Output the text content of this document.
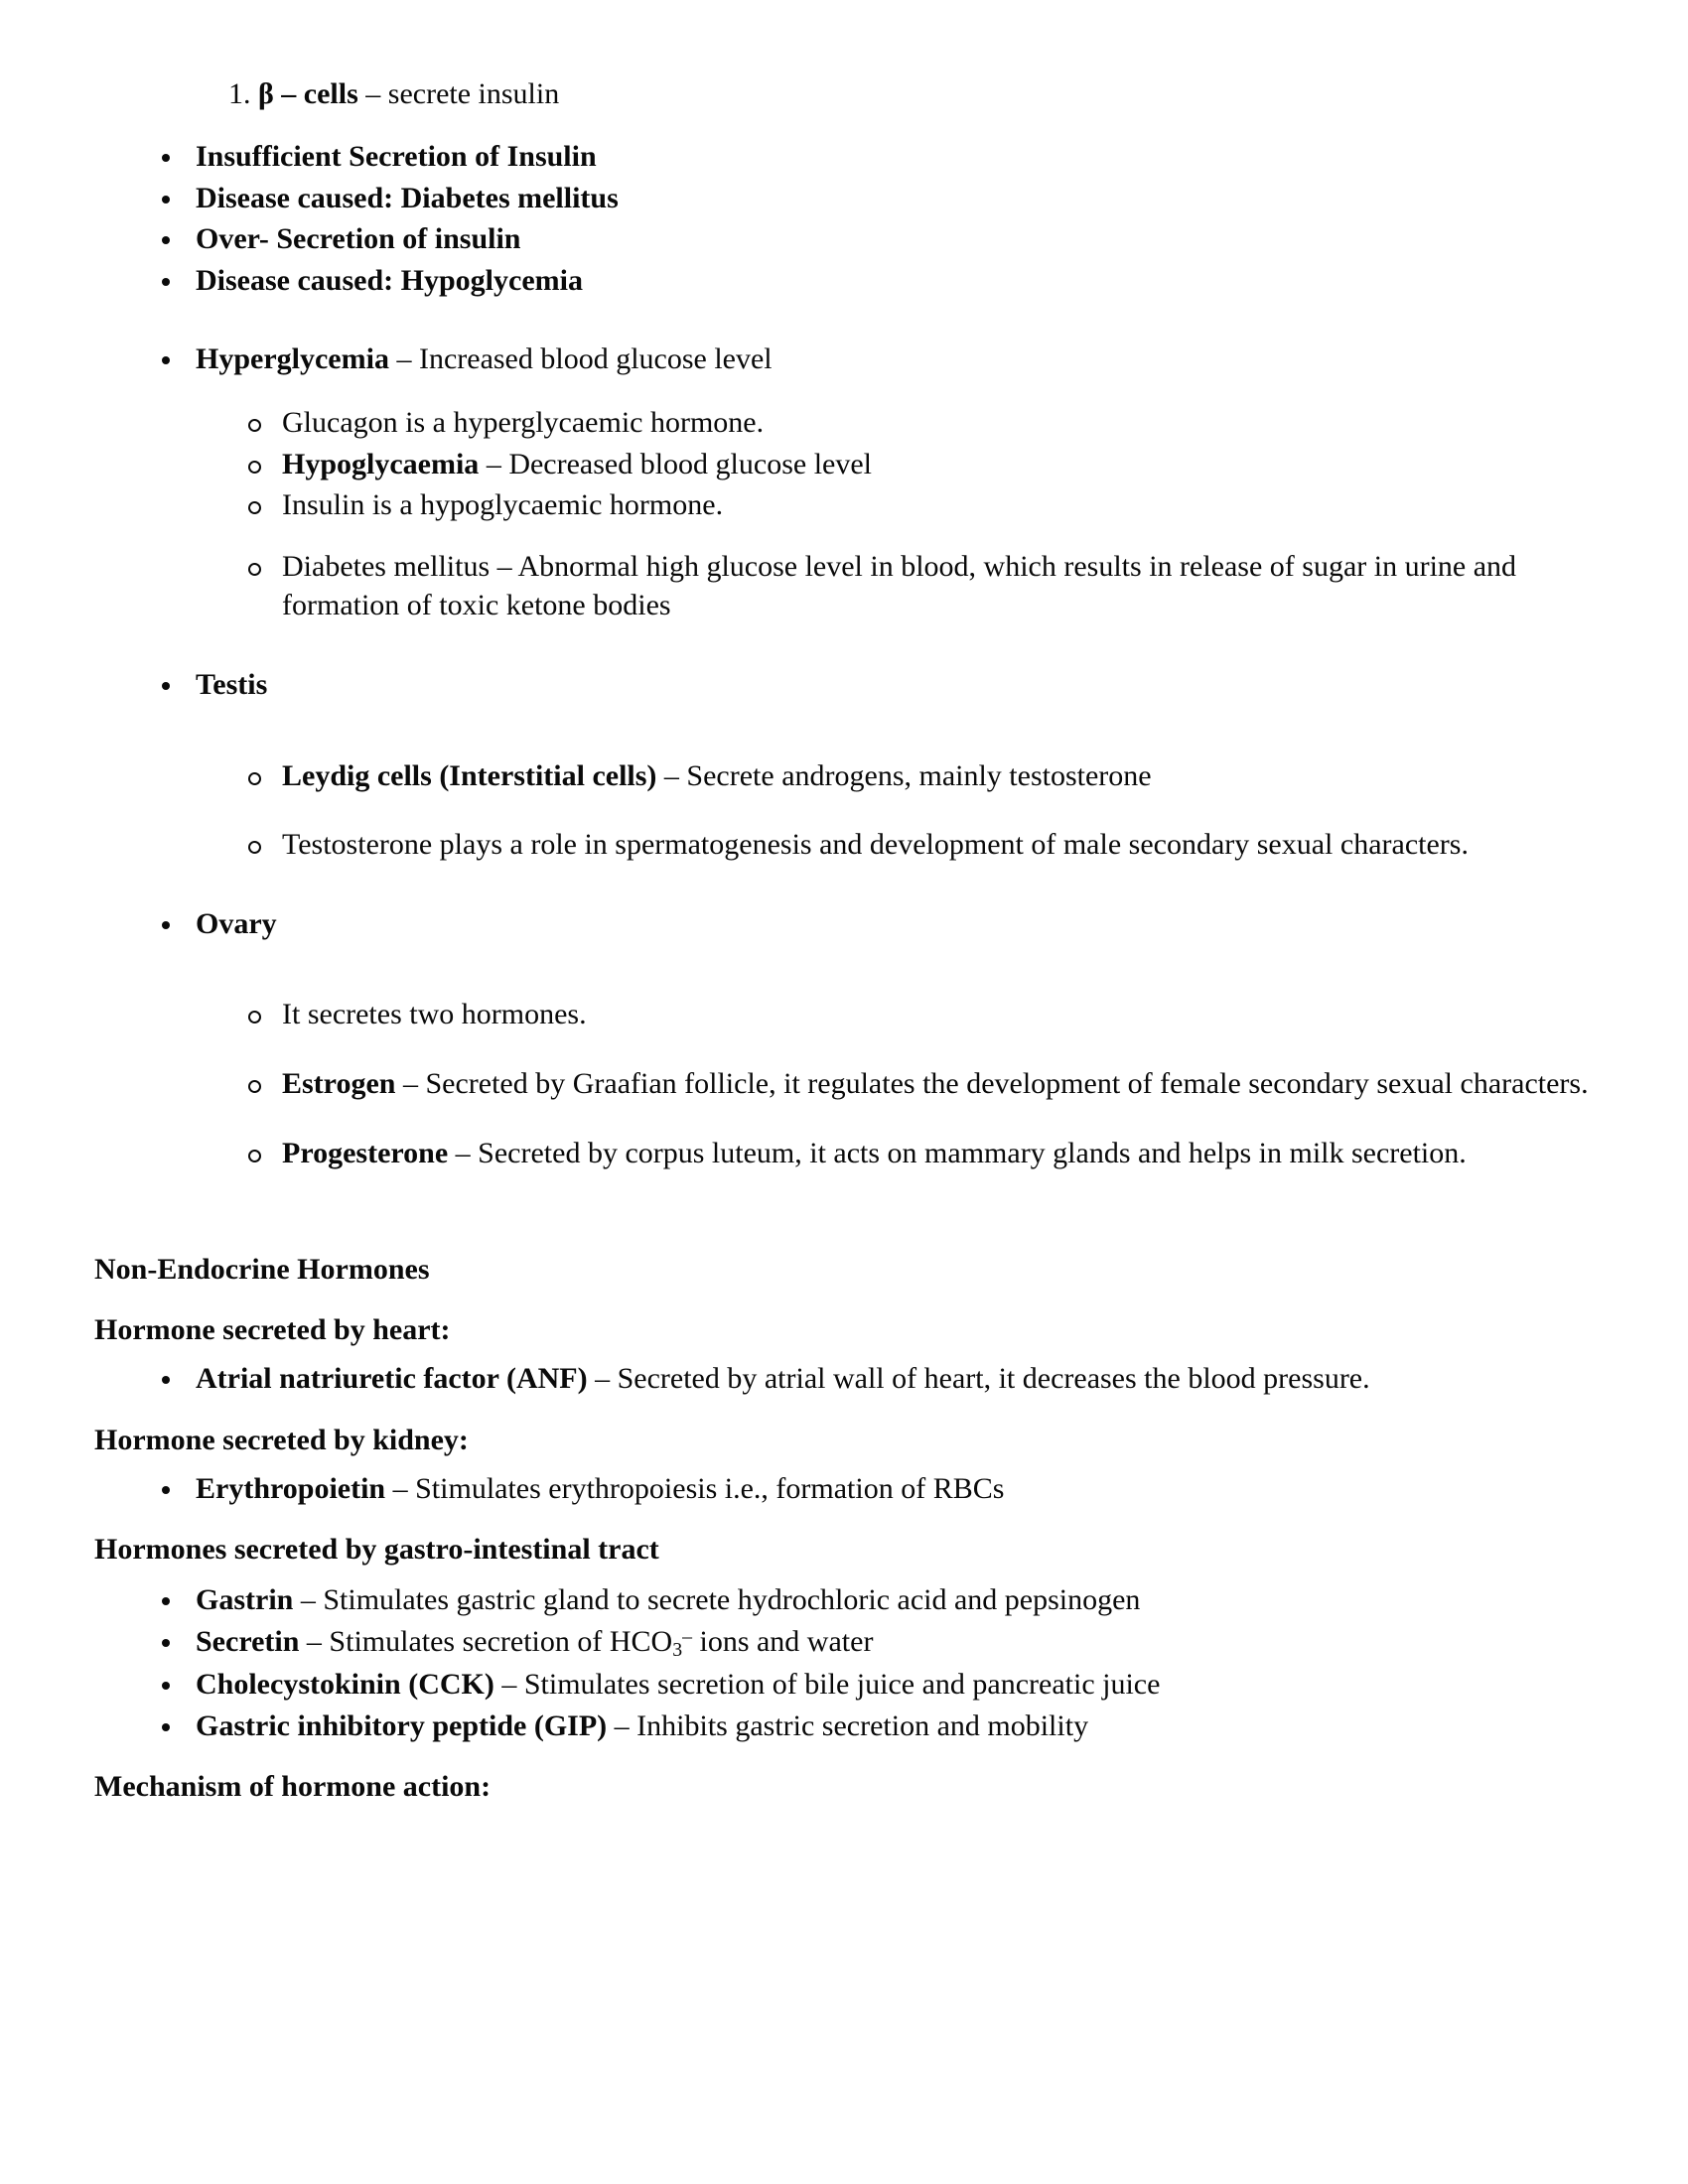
1. β – cells – secrete insulin
Insufficient Secretion of Insulin
Disease caused: Diabetes mellitus
Over- Secretion of insulin
Disease caused: Hypoglycemia
Hyperglycemia – Increased blood glucose level
Glucagon is a hyperglycaemic hormone.
Hypoglycaemia – Decreased blood glucose level
Insulin is a hypoglycaemic hormone.
Diabetes mellitus – Abnormal high glucose level in blood, which results in release of sugar in urine and formation of toxic ketone bodies
Testis
Leydig cells (Interstitial cells) – Secrete androgens, mainly testosterone
Testosterone plays a role in spermatogenesis and development of male secondary sexual characters.
Ovary
It secretes two hormones.
Estrogen – Secreted by Graafian follicle, it regulates the development of female secondary sexual characters.
Progesterone – Secreted by corpus luteum, it acts on mammary glands and helps in milk secretion.
Non-Endocrine Hormones
Hormone secreted by heart:
Atrial natriuretic factor (ANF) – Secreted by atrial wall of heart, it decreases the blood pressure.
Hormone secreted by kidney:
Erythropoietin – Stimulates erythropoiesis i.e., formation of RBCs
Hormones secreted by gastro-intestinal tract
Gastrin – Stimulates gastric gland to secrete hydrochloric acid and pepsinogen
Secretin – Stimulates secretion of $HCO_3^-$ ions and water
Cholecystokinin (CCK) – Stimulates secretion of bile juice and pancreatic juice
Gastric inhibitory peptide (GIP) – Inhibits gastric secretion and mobility
Mechanism of hormone action:
